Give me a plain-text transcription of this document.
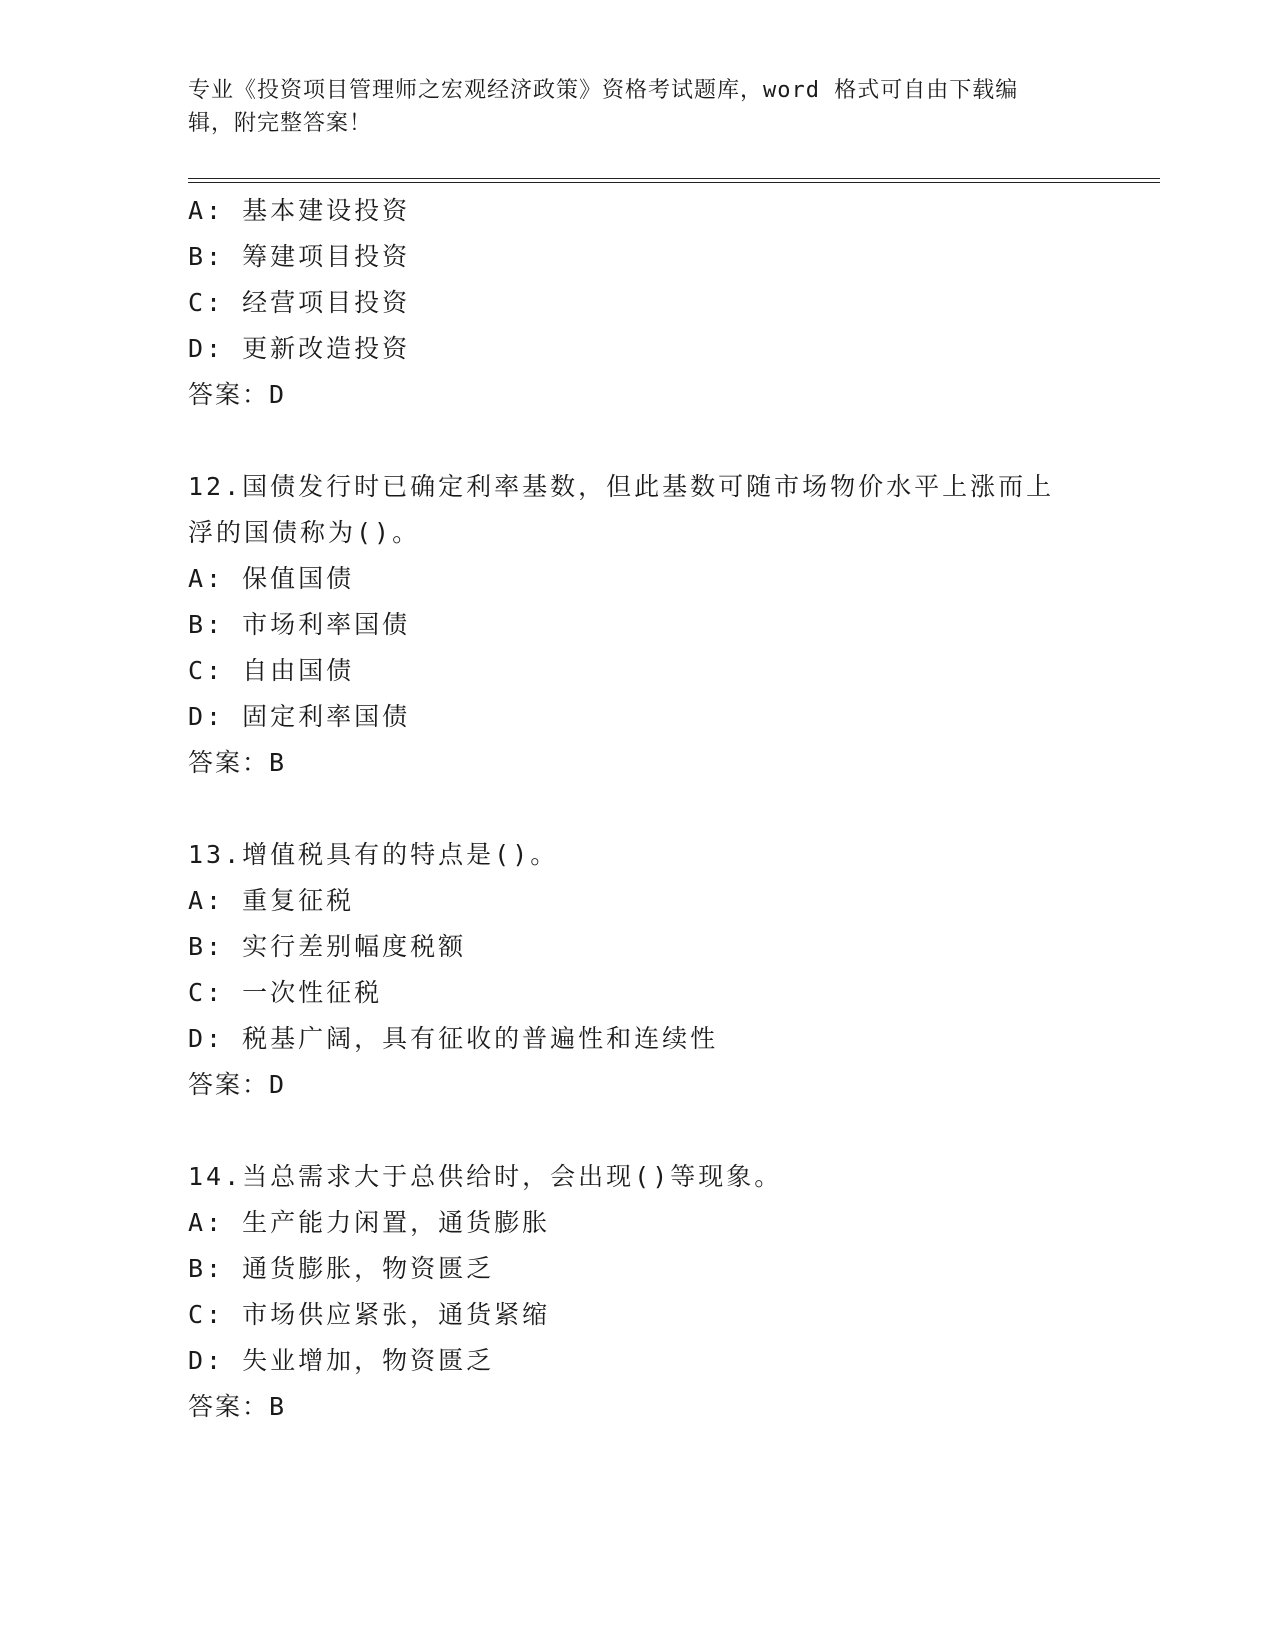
专业《投资项目管理师之宏观经济政策》资格考试题库，word 格式可自由下载编
辑，附完整答案！
A: 基本建设投资
B: 筹建项目投资
C: 经营项目投资
D: 更新改造投资
答案：D
12.国债发行时已确定利率基数，但此基数可随市场物价水平上涨而上
浮的国债称为()。
A: 保值国债
B: 市场利率国债
C: 自由国债
D: 固定利率国债
答案：B
13.增值税具有的特点是()。
A: 重复征税
B: 实行差别幅度税额
C: 一次性征税
D: 税基广阔，具有征收的普遍性和连续性
答案：D
14.当总需求大于总供给时，会出现()等现象。
A: 生产能力闲置，通货膨胀
B: 通货膨胀，物资匮乏
C: 市场供应紧张，通货紧缩
D: 失业增加，物资匮乏
答案：B
